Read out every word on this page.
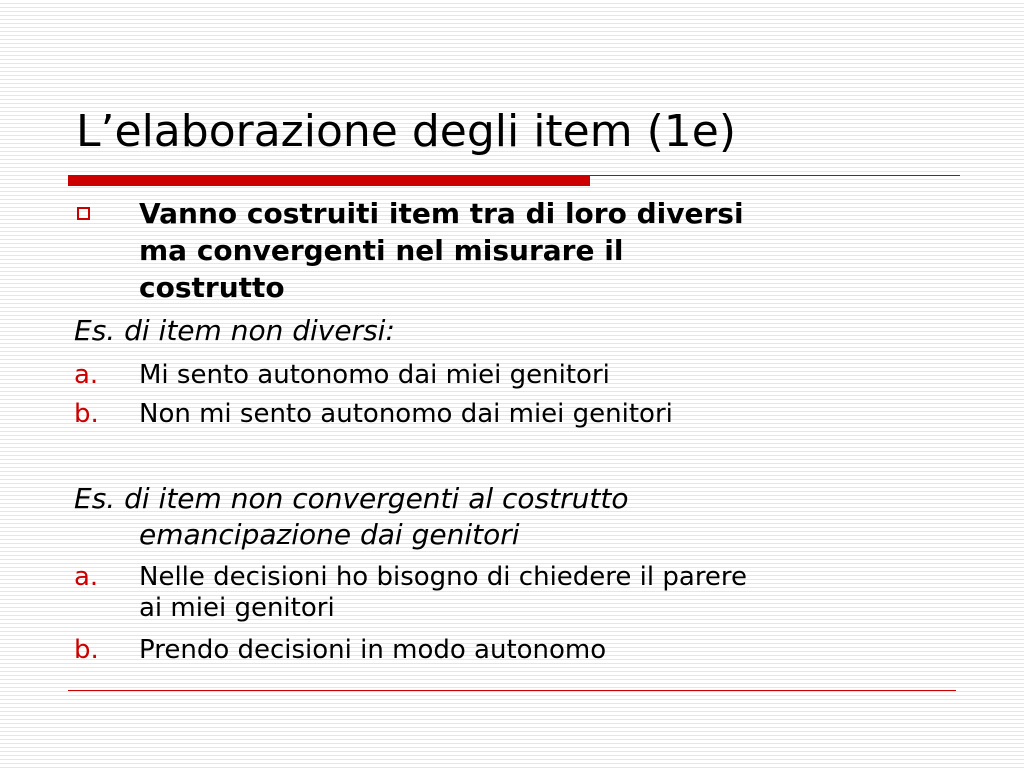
L’elaborazione degli item (1e)
Vanno costruiti item tra di loro diversi
ma convergenti nel misurare il
costrutto
Es. di item non diversi:
a. Mi sento autonomo dai miei genitori
b. Non mi sento autonomo dai miei genitori
Es. di item non convergenti al costrutto
emancipazione dai genitori
a. Nelle decisioni ho bisogno di chiedere il parere
ai miei genitori
b. Prendo decisioni in modo autonomo
